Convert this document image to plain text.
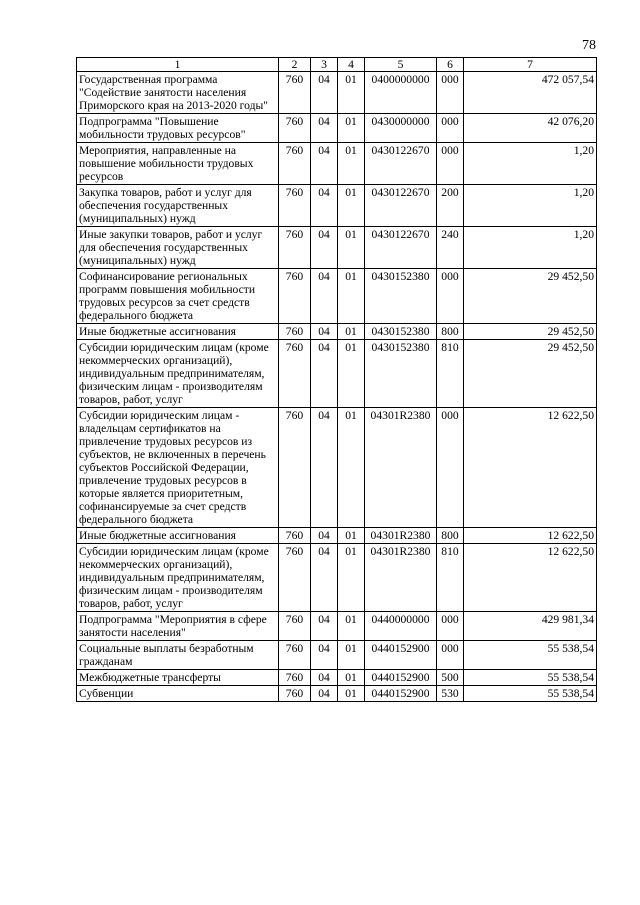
78
1	2	3	4	5	6	7
Государственная программа "Содействие занятости населения Приморского края на 2013-2020 годы"	760	04	01	0400000000	000	472 057,54
Подпрограмма "Повышение мобильности трудовых ресурсов"	760	04	01	0430000000	000	42 076,20
Мероприятия, направленные на повышение мобильности трудовых ресурсов	760	04	01	0430122670	000	1,20
Закупка товаров, работ и услуг для обеспечения государственных (муниципальных) нужд	760	04	01	0430122670	200	1,20
Иные закупки товаров, работ и услуг для обеспечения государственных (муниципальных) нужд	760	04	01	0430122670	240	1,20
Софинансирование региональных программ повышения мобильности трудовых ресурсов за счет средств федерального бюджета	760	04	01	0430152380	000	29 452,50
Иные бюджетные ассигнования	760	04	01	0430152380	800	29 452,50
Субсидии юридическим лицам (кроме некоммерческих организаций), индивидуальным предпринимателям, физическим лицам - производителям товаров, работ, услуг	760	04	01	0430152380	810	29 452,50
Субсидии юридическим лицам - владельцам сертификатов на привлечение трудовых ресурсов из субъектов, не включенных в перечень субъектов Российской Федерации, привлечение трудовых ресурсов в которые является приоритетным, софинансируемые за счет средств федерального бюджета	760	04	01	04301R2380	000	12 622,50
Иные бюджетные ассигнования	760	04	01	04301R2380	800	12 622,50
Субсидии юридическим лицам (кроме некоммерческих организаций), индивидуальным предпринимателям, физическим лицам - производителям товаров, работ, услуг	760	04	01	04301R2380	810	12 622,50
Подпрограмма "Мероприятия в сфере занятости населения"	760	04	01	0440000000	000	429 981,34
Социальные выплаты безработным гражданам	760	04	01	0440152900	000	55 538,54
Межбюджетные трансферты	760	04	01	0440152900	500	55 538,54
Субвенции	760	04	01	0440152900	530	55 538,54
